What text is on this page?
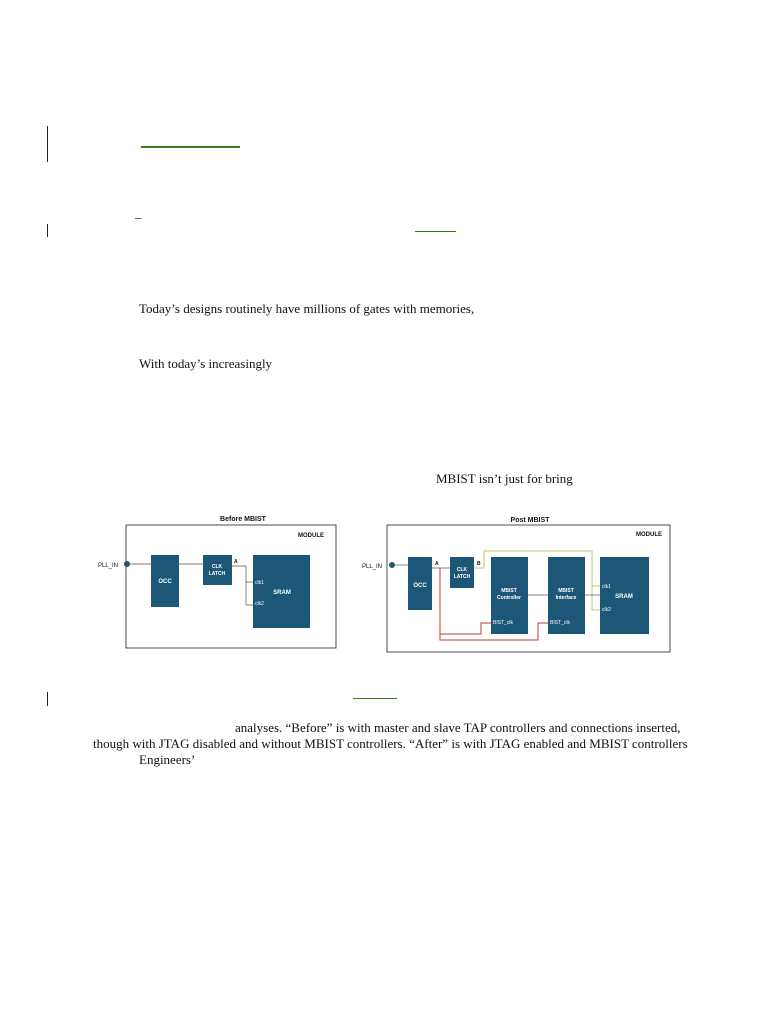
_
Today’s designs routinely have millions of gates with memories,
With today’s increasingly
MBIST isn’t just for bring
Before MBIST
MODULE
PLL_IN
OCC
CLK
LATCH
A
SRAM
clk1
clk2
Post MBIST
MODULE
PLL_IN
OCC
A
CLK
LATCH
B
MBIST
Controller
BIST_clk
MBIST
Interface
BIST_clk
SRAM
clk1
clk2
analyses. “Before” is with master and slave TAP controllers and connections inserted,
though with JTAG disabled and without MBIST controllers. “After” is with JTAG enabled and MBIST controllers
Engineers’
